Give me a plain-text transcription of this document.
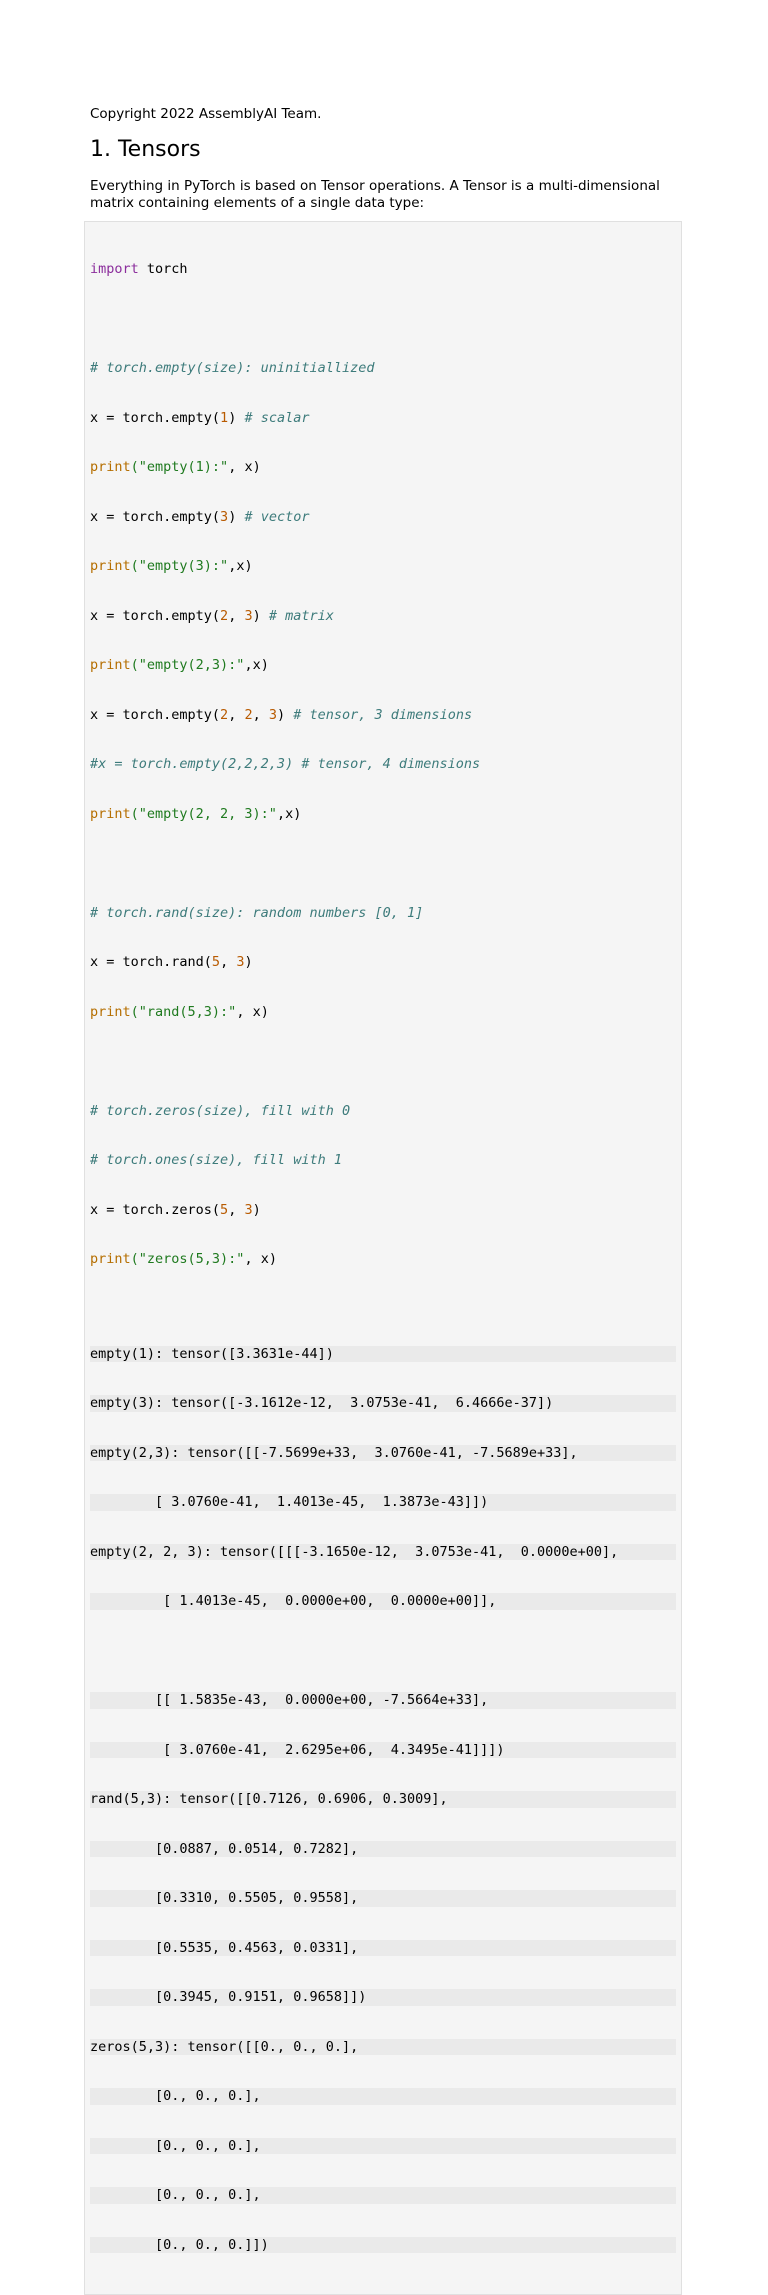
Copyright 2022 AssemblyAI Team.

1. Tensors

Everything in PyTorch is based on Tensor operations. A Tensor is a multi-dimensional matrix containing elements of a single data type:

import torch

# torch.empty(size): uninitiallized

x = torch.empty(1) # scalar

print("empty(1):", x)

x = torch.empty(3) # vector

print("empty(3):",x)

x = torch.empty(2, 3) # matrix

print("empty(2,3):",x)

x = torch.empty(2, 2, 3) # tensor, 3 dimensions

#x = torch.empty(2,2,2,3) # tensor, 4 dimensions

print("empty(2, 2, 3):",x)

# torch.rand(size): random numbers [0, 1]

x = torch.rand(5, 3)

print("rand(5,3):", x)

# torch.zeros(size), fill with 0

# torch.ones(size), fill with 1

x = torch.zeros(5, 3)

print("zeros(5,3):", x)

empty(1): tensor([3.3631e-44])

empty(3): tensor([-3.1612e-12,  3.0753e-41,  6.4666e-37])

empty(2,3): tensor([[-7.5699e+33,  3.0760e-41, -7.5689e+33],

[ 3.0760e-41,  1.4013e-45,  1.3873e-43]])

empty(2, 2, 3): tensor([[[-3.1650e-12,  3.0753e-41,  0.0000e+00],

[ 1.4013e-45,  0.0000e+00,  0.0000e+00]],

[[ 1.5835e-43,  0.0000e+00, -7.5664e+33],

[ 3.0760e-41,  2.6295e+06,  4.3495e-41]]])

rand(5,3): tensor([[0.7126, 0.6906, 0.3009],

[0.0887, 0.0514, 0.7282],

[0.3310, 0.5505, 0.9558],

[0.5535, 0.4563, 0.0331],

[0.3945, 0.9151, 0.9658]])

zeros(5,3): tensor([[0., 0., 0.],

[0., 0., 0.],

[0., 0., 0.],

[0., 0., 0.],

[0., 0., 0.]])
